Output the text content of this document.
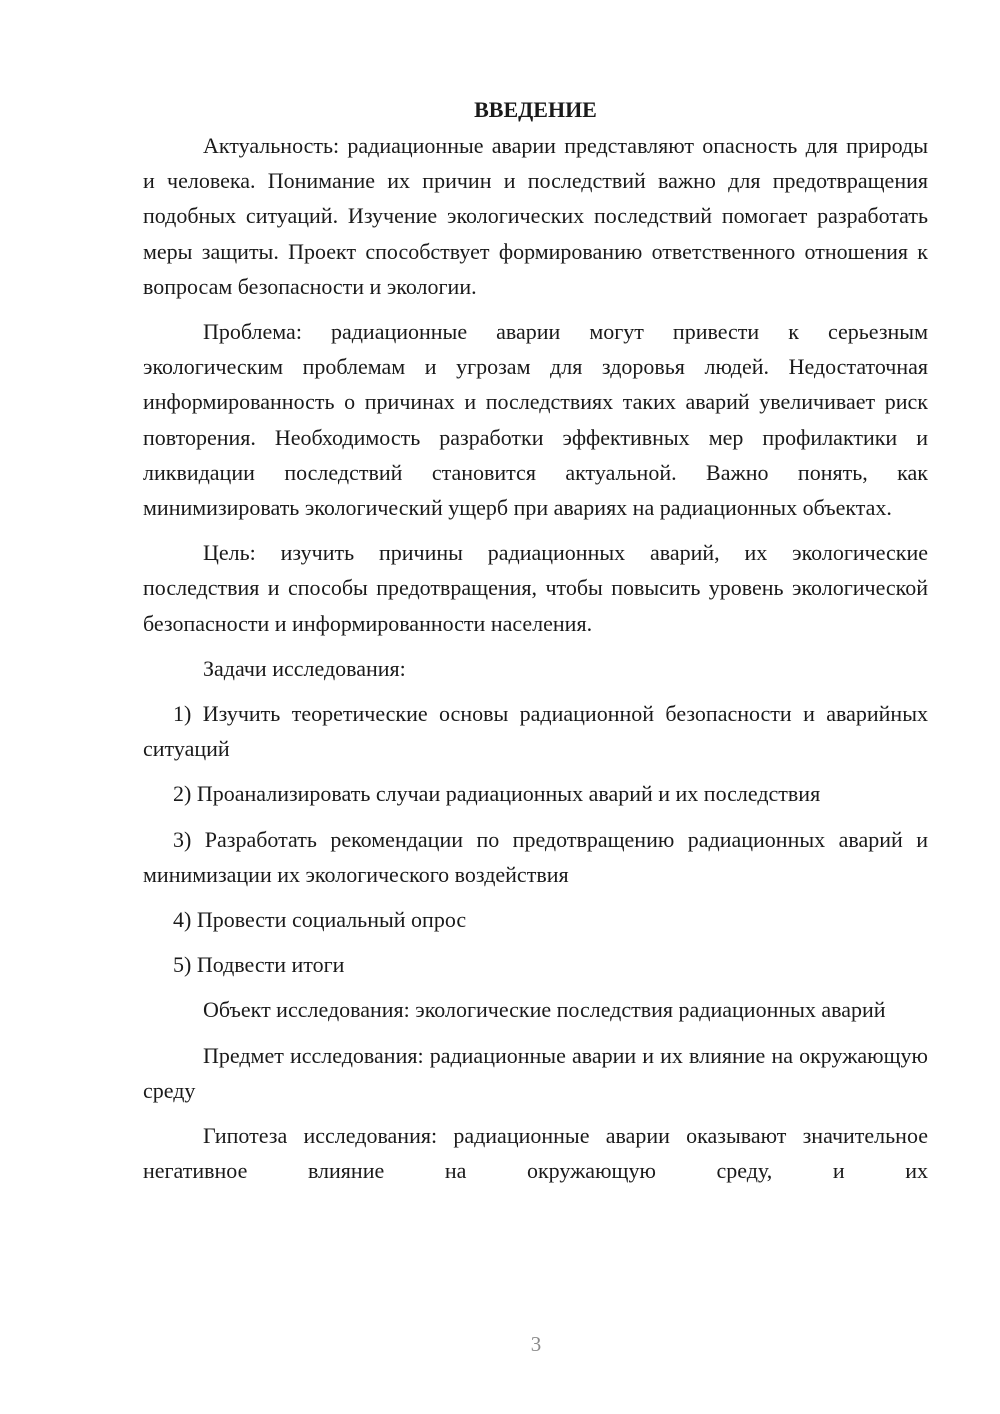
ВВЕДЕНИЕ

Актуальность: радиационные аварии представляют опасность для природы и человека. Понимание их причин и последствий важно для предотвращения подобных ситуаций. Изучение экологических последствий помогает разработать меры защиты. Проект способствует формированию ответственного отношения к вопросам безопасности и экологии.

Проблема: радиационные аварии могут привести к серьезным экологическим проблемам и угрозам для здоровья людей. Недостаточная информированность о причинах и последствиях таких аварий увеличивает риск повторения. Необходимость разработки эффективных мер профилактики и ликвидации последствий становится актуальной. Важно понять, как минимизировать экологический ущерб при авариях на радиационных объектах.

Цель: изучить причины радиационных аварий, их экологические последствия и способы предотвращения, чтобы повысить уровень экологической безопасности и информированности населения.

Задачи исследования:

1) Изучить теоретические основы радиационной безопасности и аварийных ситуаций

2) Проанализировать случаи радиационных аварий и их последствия

3) Разработать рекомендации по предотвращению радиационных аварий и минимизации их экологического воздействия

4) Провести социальный опрос

5) Подвести итоги

Объект исследования: экологические последствия радиационных аварий

Предмет исследования: радиационные аварии и их влияние на окружающую среду

Гипотеза исследования: радиационные аварии оказывают значительное негативное влияние на окружающую среду, и их

3
